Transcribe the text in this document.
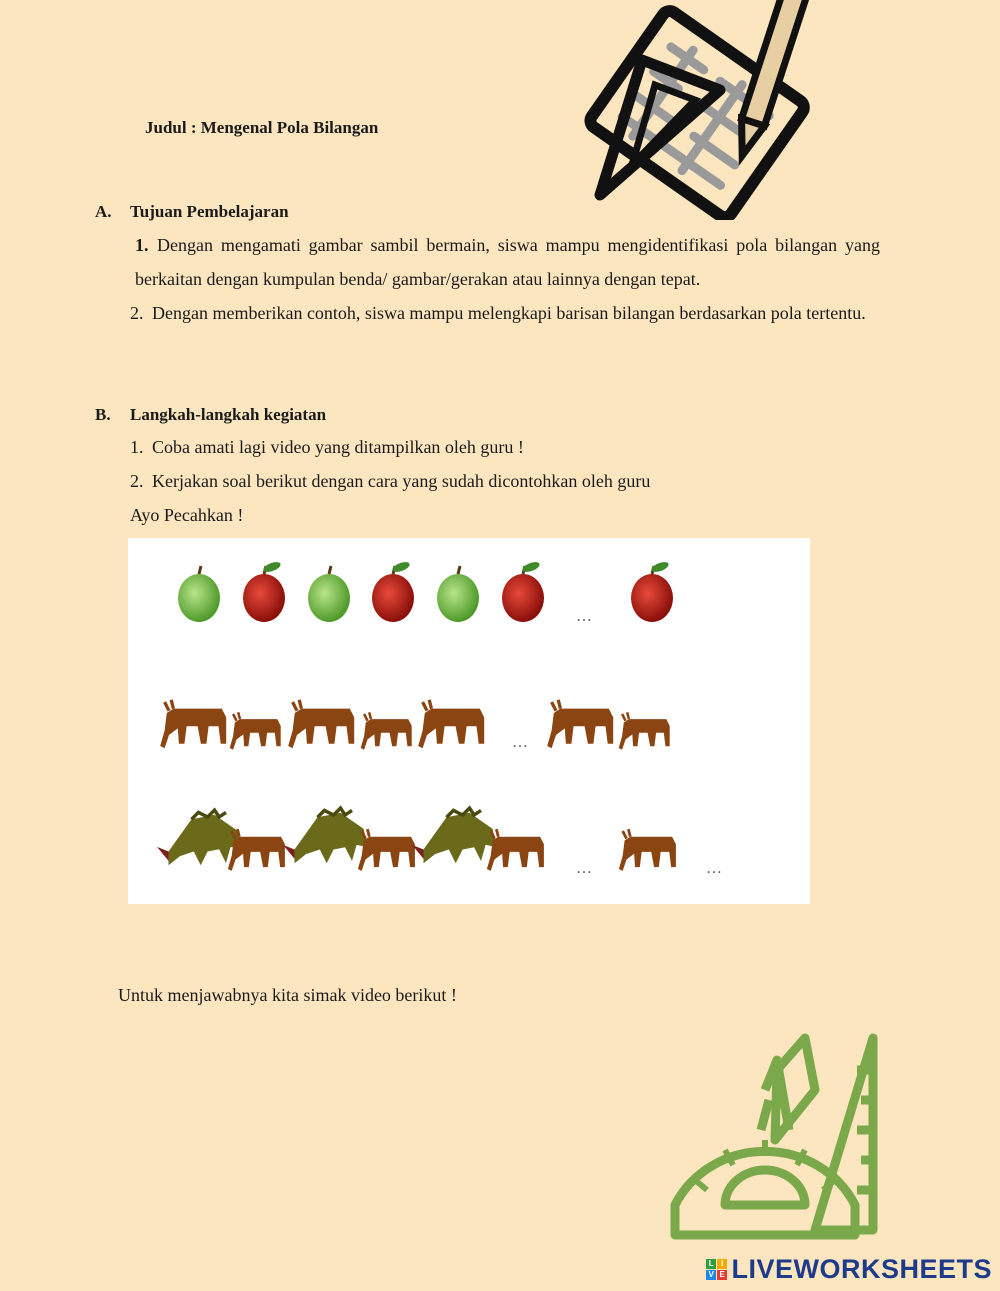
Judul : Mengenal Pola Bilangan
A. Tujuan Pembelajaran
1. Dengan mengamati gambar sambil bermain, siswa mampu mengidentifikasi pola bilangan yang berkaitan dengan kumpulan benda/ gambar/gerakan atau lainnya dengan tepat.
2. Dengan memberikan contoh, siswa mampu melengkapi barisan bilangan berdasarkan pola tertentu.
B. Langkah-langkah kegiatan
1. Coba amati lagi video yang ditampilkan oleh guru !
2. Kerjakan soal berikut dengan cara yang sudah dicontohkan oleh guru
Ayo Pecahkan !
…
…
…	…
Untuk menjawabnya kita simak video berikut !
L I
V E LIVEWORKSHEETS
